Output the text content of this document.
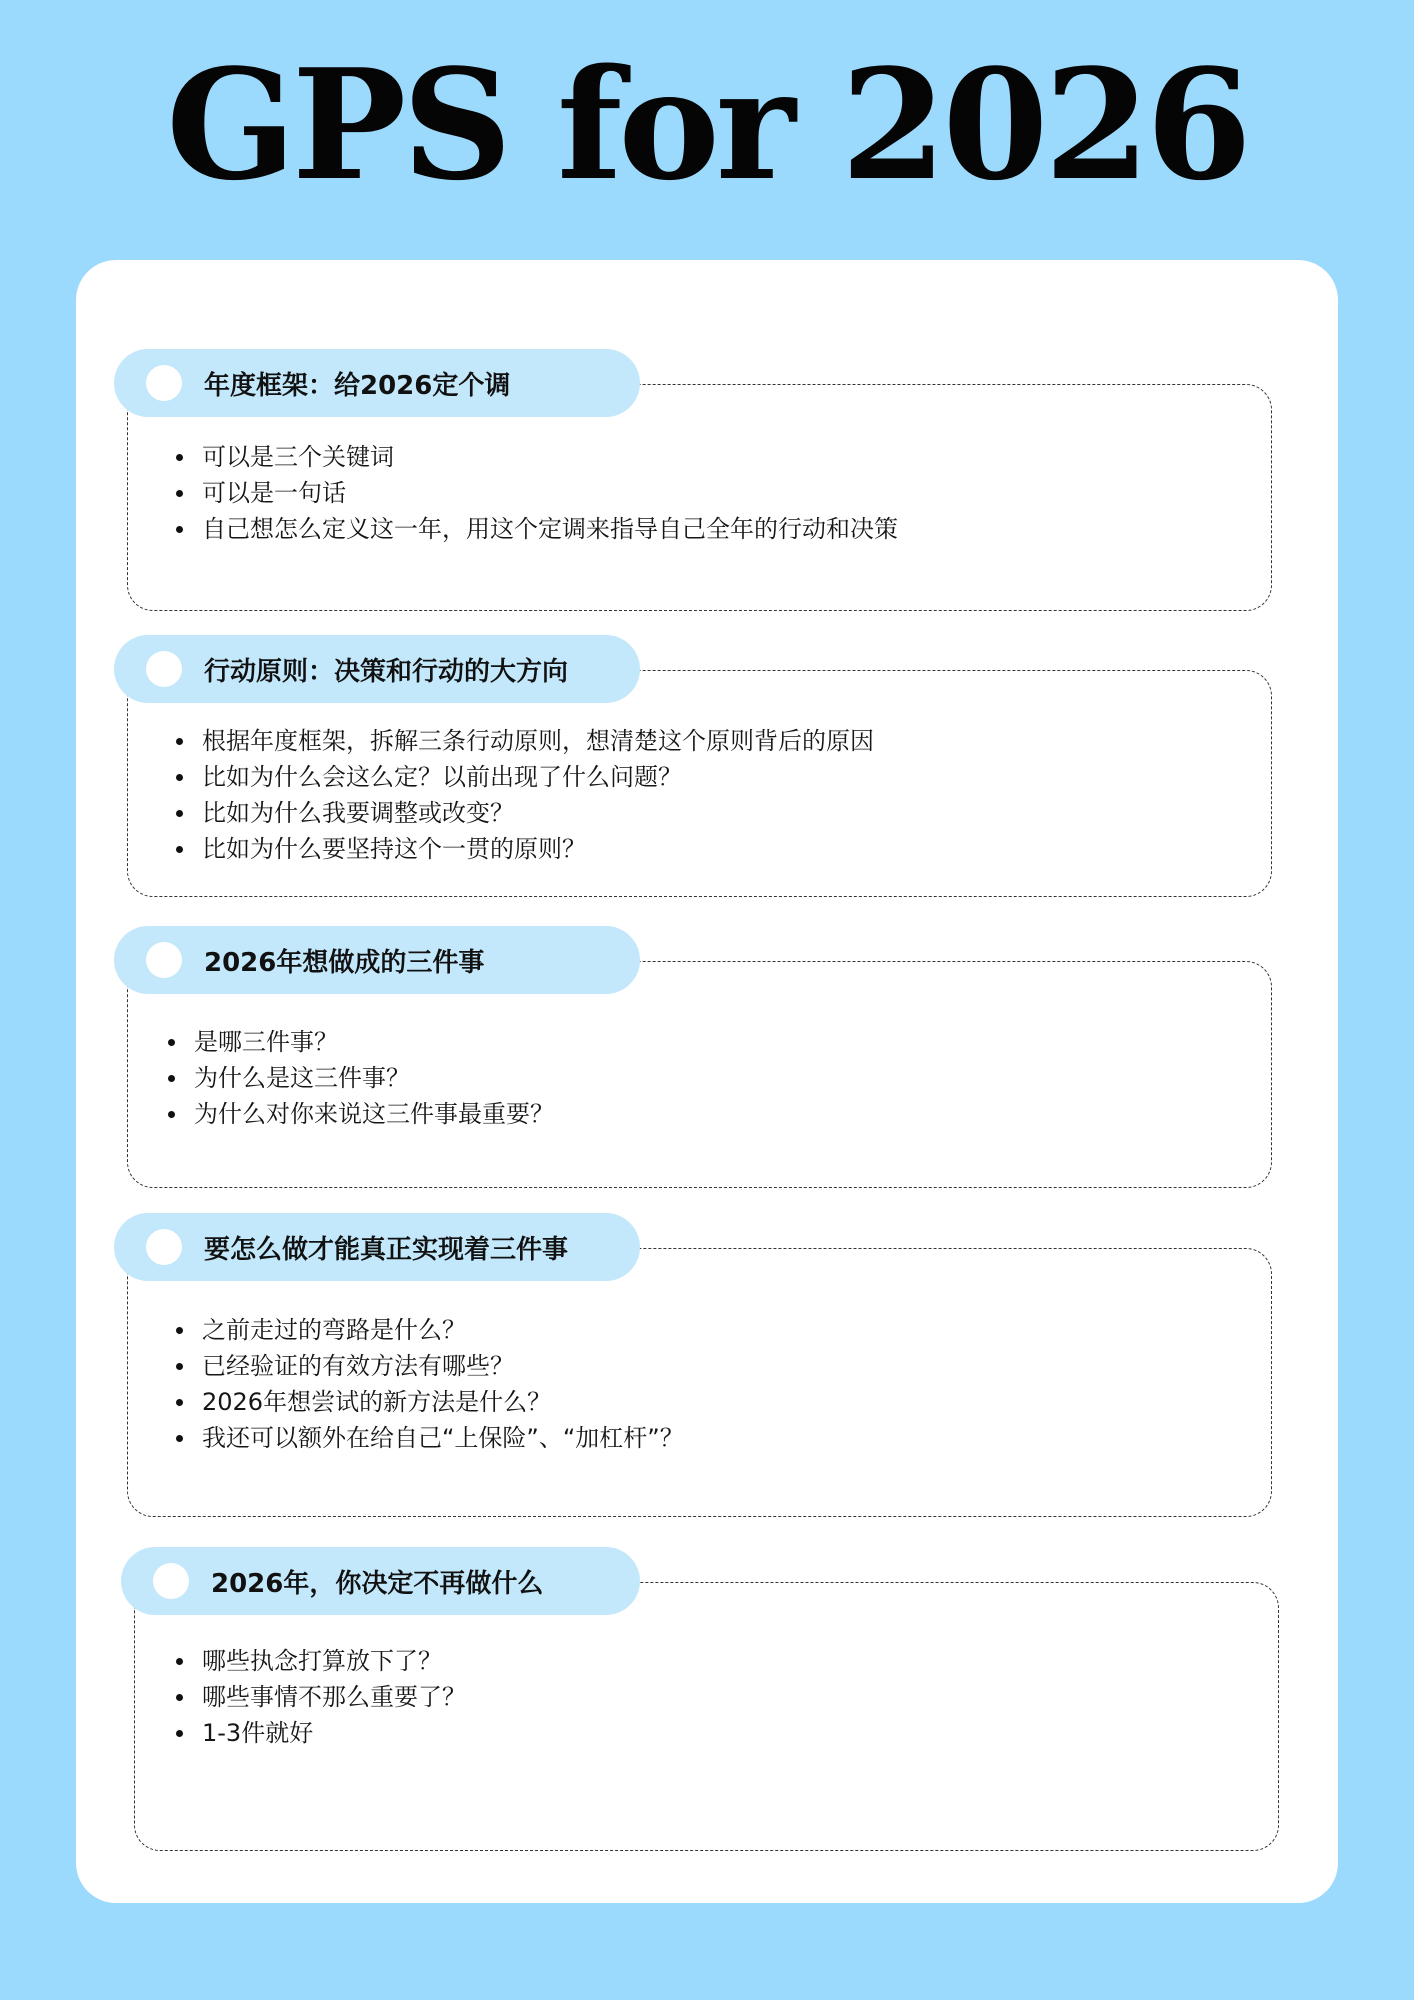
GPS for 2026
年度框架：给2026定个调
可以是三个关键词
可以是一句话
自己想怎么定义这一年，用这个定调来指导自己全年的行动和决策
行动原则：决策和行动的大方向
根据年度框架，拆解三条行动原则，想清楚这个原则背后的原因
比如为什么会这么定？以前出现了什么问题？
比如为什么我要调整或改变？
比如为什么要坚持这个一贯的原则？
2026年想做成的三件事
是哪三件事？
为什么是这三件事？
为什么对你来说这三件事最重要？
要怎么做才能真正实现着三件事
之前走过的弯路是什么？
已经验证的有效方法有哪些？
2026年想尝试的新方法是什么？
我还可以额外在给自己“上保险”、“加杠杆”？
2026年，你决定不再做什么
哪些执念打算放下了？
哪些事情不那么重要了？
1-3件就好
